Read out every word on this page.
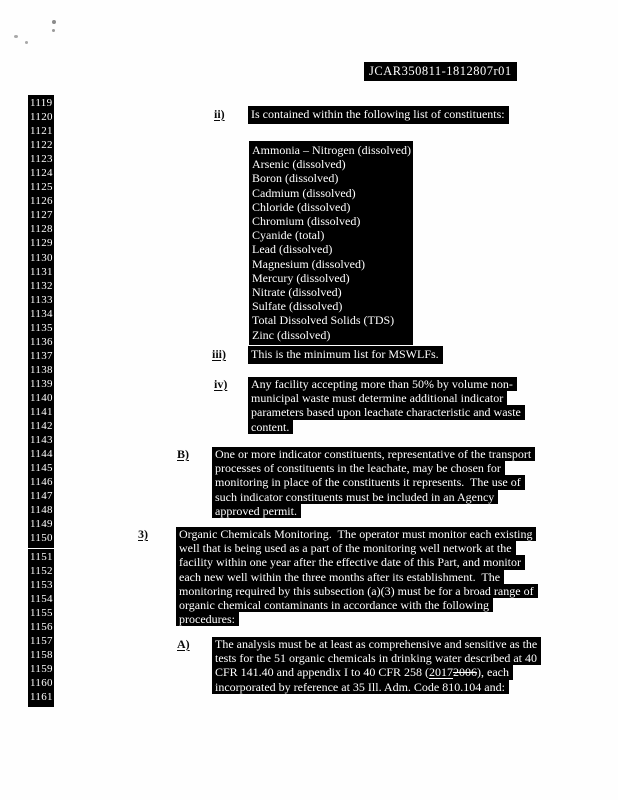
JCAR350811-1812807r01
1119
1120
1121
1122
1123
1124
1125
1126
1127
1128
1129
1130
1131
1132
1133
1134
1135
1136
1137
1138
1139
1140
1141
1142
1143
1144
1145
1146
1147
1148
1149
1150
1151
1152
1153
1154
1155
1156
1157
1158
1159
1160
1161
ii) Is contained within the following list of constituents:
Ammonia – Nitrogen (dissolved)
Arsenic (dissolved)
Boron (dissolved)
Cadmium (dissolved)
Chloride (dissolved)
Chromium (dissolved)
Cyanide (total)
Lead (dissolved)
Magnesium (dissolved)
Mercury (dissolved)
Nitrate (dissolved)
Sulfate (dissolved)
Total Dissolved Solids (TDS)
Zinc (dissolved)
iii) This is the minimum list for MSWLFs.
iv) Any facility accepting more than 50% by volume non-
municipal waste must determine additional indicator
parameters based upon leachate characteristic and waste
content.
B) One or more indicator constituents, representative of the transport
processes of constituents in the leachate, may be chosen for
monitoring in place of the constituents it represents.  The use of
such indicator constituents must be included in an Agency
approved permit.
3)	Organic Chemicals Monitoring.  The operator must monitor each existing
well that is being used as a part of the monitoring well network at the
facility within one year after the effective date of this Part, and monitor
each new well within the three months after its establishment.  The
monitoring required by this subsection (a)(3) must be for a broad range of
organic chemical contaminants in accordance with the following
procedures:
A) The analysis must be at least as comprehensive and sensitive as the
tests for the 51 organic chemicals in drinking water described at 40
CFR 141.40 and appendix I to 40 CFR 258 (20172006), each
incorporated by reference at 35 Ill. Adm. Code 810.104 and:
